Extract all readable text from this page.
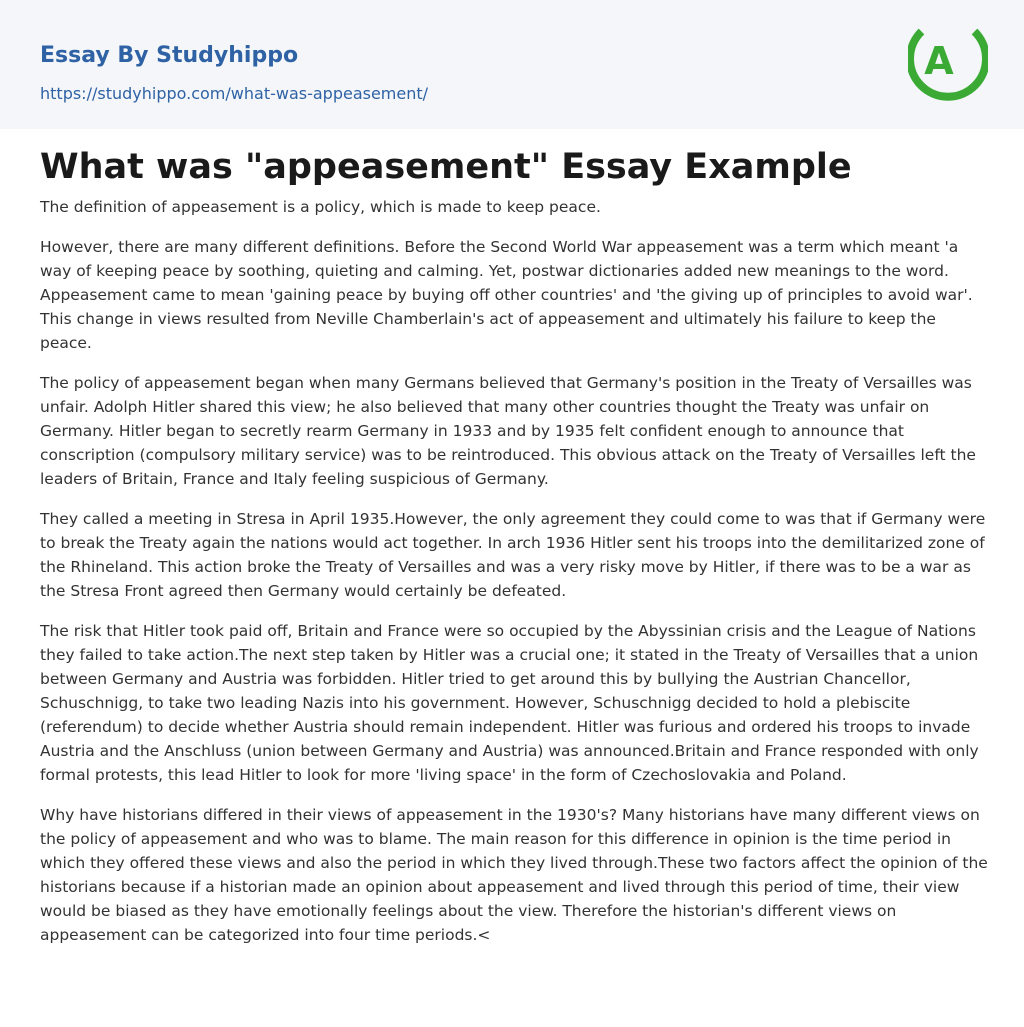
Essay By Studyhippo
https://studyhippo.com/what-was-appeasement/
A
What was "appeasement" Essay Example

The definition of appeasement is a policy, which is made to keep peace.

However, there are many different definitions. Before the Second World War appeasement was a term which meant 'a way of keeping peace by soothing, quieting and calming. Yet, postwar dictionaries added new meanings to the word. Appeasement came to mean 'gaining peace by buying off other countries' and 'the giving up of principles to avoid war'. This change in views resulted from Neville Chamberlain's act of appeasement and ultimately his failure to keep the peace.

The policy of appeasement began when many Germans believed that Germany's position in the Treaty of Versailles was unfair. Adolph Hitler shared this view; he also believed that many other countries thought the Treaty was unfair on Germany. Hitler began to secretly rearm Germany in 1933 and by 1935 felt confident enough to announce that conscription (compulsory military service) was to be reintroduced. This obvious attack on the Treaty of Versailles left the leaders of Britain, France and Italy feeling suspicious of Germany.

They called a meeting in Stresa in April 1935.However, the only agreement they could come to was that if Germany were to break the Treaty again the nations would act together. In arch 1936 Hitler sent his troops into the demilitarized zone of the Rhineland. This action broke the Treaty of Versailles and was a very risky move by Hitler, if there was to be a war as the Stresa Front agreed then Germany would certainly be defeated.

The risk that Hitler took paid off, Britain and France were so occupied by the Abyssinian crisis and the League of Nations they failed to take action.The next step taken by Hitler was a crucial one; it stated in the Treaty of Versailles that a union between Germany and Austria was forbidden. Hitler tried to get around this by bullying the Austrian Chancellor, Schuschnigg, to take two leading Nazis into his government. However, Schuschnigg decided to hold a plebiscite (referendum) to decide whether Austria should remain independent. Hitler was furious and ordered his troops to invade Austria and the Anschluss (union between Germany and Austria) was announced.Britain and France responded with only formal protests, this lead Hitler to look for more 'living space' in the form of Czechoslovakia and Poland.

Why have historians differed in their views of appeasement in the 1930's? Many historians have many different views on the policy of appeasement and who was to blame. The main reason for this difference in opinion is the time period in which they offered these views and also the period in which they lived through.These two factors affect the opinion of the historians because if a historian made an opinion about appeasement and lived through this period of time, their view would be biased as they have emotionally feelings about the view. Therefore the historian's different views on appeasement can be categorized into four time periods.<
